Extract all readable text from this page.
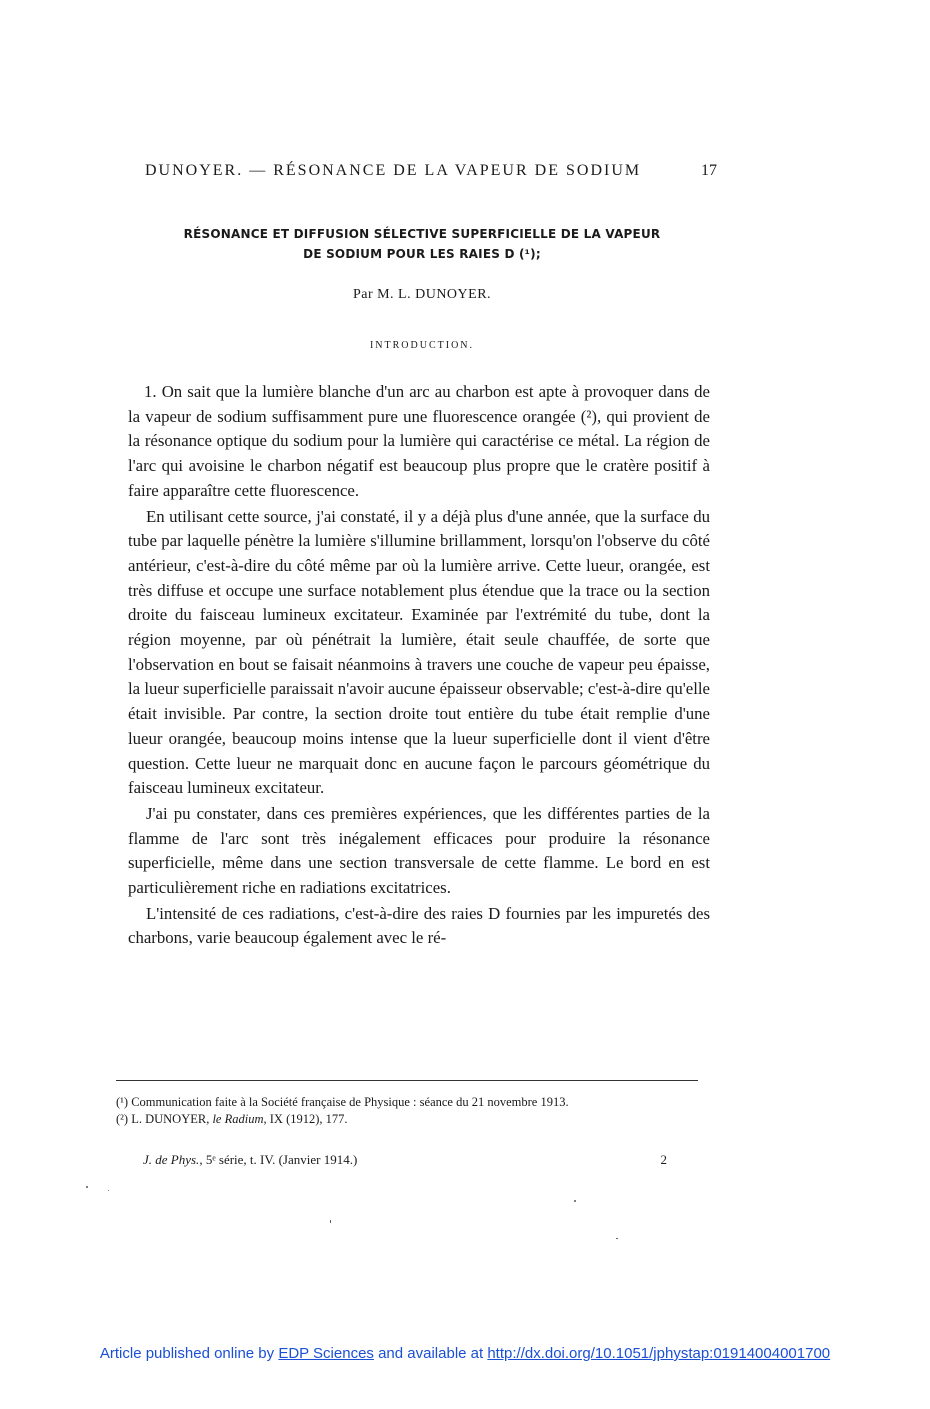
DUNOYER. — RÉSONANCE DE LA VAPEUR DE SODIUM	17
RÉSONANCE ET DIFFUSION SÉLECTIVE SUPERFICIELLE DE LA VAPEUR
DE SODIUM POUR LES RAIES D (¹);
Par M. L. DUNOYER.
INTRODUCTION.

1. On sait que la lumière blanche d'un arc au charbon est apte à provoquer dans de la vapeur de sodium suffisamment pure une fluorescence orangée (²), qui provient de la résonance optique du sodium pour la lumière qui caractérise ce métal. La région de l'arc qui avoisine le charbon négatif est beaucoup plus propre que le cratère positif à faire apparaître cette fluorescence.

En utilisant cette source, j'ai constaté, il y a déjà plus d'une année, que la surface du tube par laquelle pénètre la lumière s'illumine brillamment, lorsqu'on l'observe du côté antérieur, c'est-à-dire du côté même par où la lumière arrive. Cette lueur, orangée, est très diffuse et occupe une surface notablement plus étendue que la trace ou la section droite du faisceau lumineux excitateur. Examinée par l'extrémité du tube, dont la région moyenne, par où pénétrait la lumière, était seule chauffée, de sorte que l'observation en bout se faisait néanmoins à travers une couche de vapeur peu épaisse, la lueur superficielle paraissait n'avoir aucune épaisseur observable; c'est-à-dire qu'elle était invisible. Par contre, la section droite tout entière du tube était remplie d'une lueur orangée, beaucoup moins intense que la lueur superficielle dont il vient d'être question. Cette lueur ne marquait donc en aucune façon le parcours géométrique du faisceau lumineux excitateur.

J'ai pu constater, dans ces premières expériences, que les différentes parties de la flamme de l'arc sont très inégalement efficaces pour produire la résonance superficielle, même dans une section transversale de cette flamme. Le bord en est particulièrement riche en radiations excitatrices.

L'intensité de ces radiations, c'est-à-dire des raies D fournies par les impuretés des charbons, varie beaucoup également avec le ré-

(¹) Communication faite à la Société française de Physique : séance du 21 novembre 1913.

(²) L. DUNOYER, le Radium, IX (1912), 177.

J. de Phys., 5ᵉ série, t. IV. (Janvier 1914.)	2
Article published online by EDP Sciences and available at http://dx.doi.org/10.1051/jphystap:01914004001700
